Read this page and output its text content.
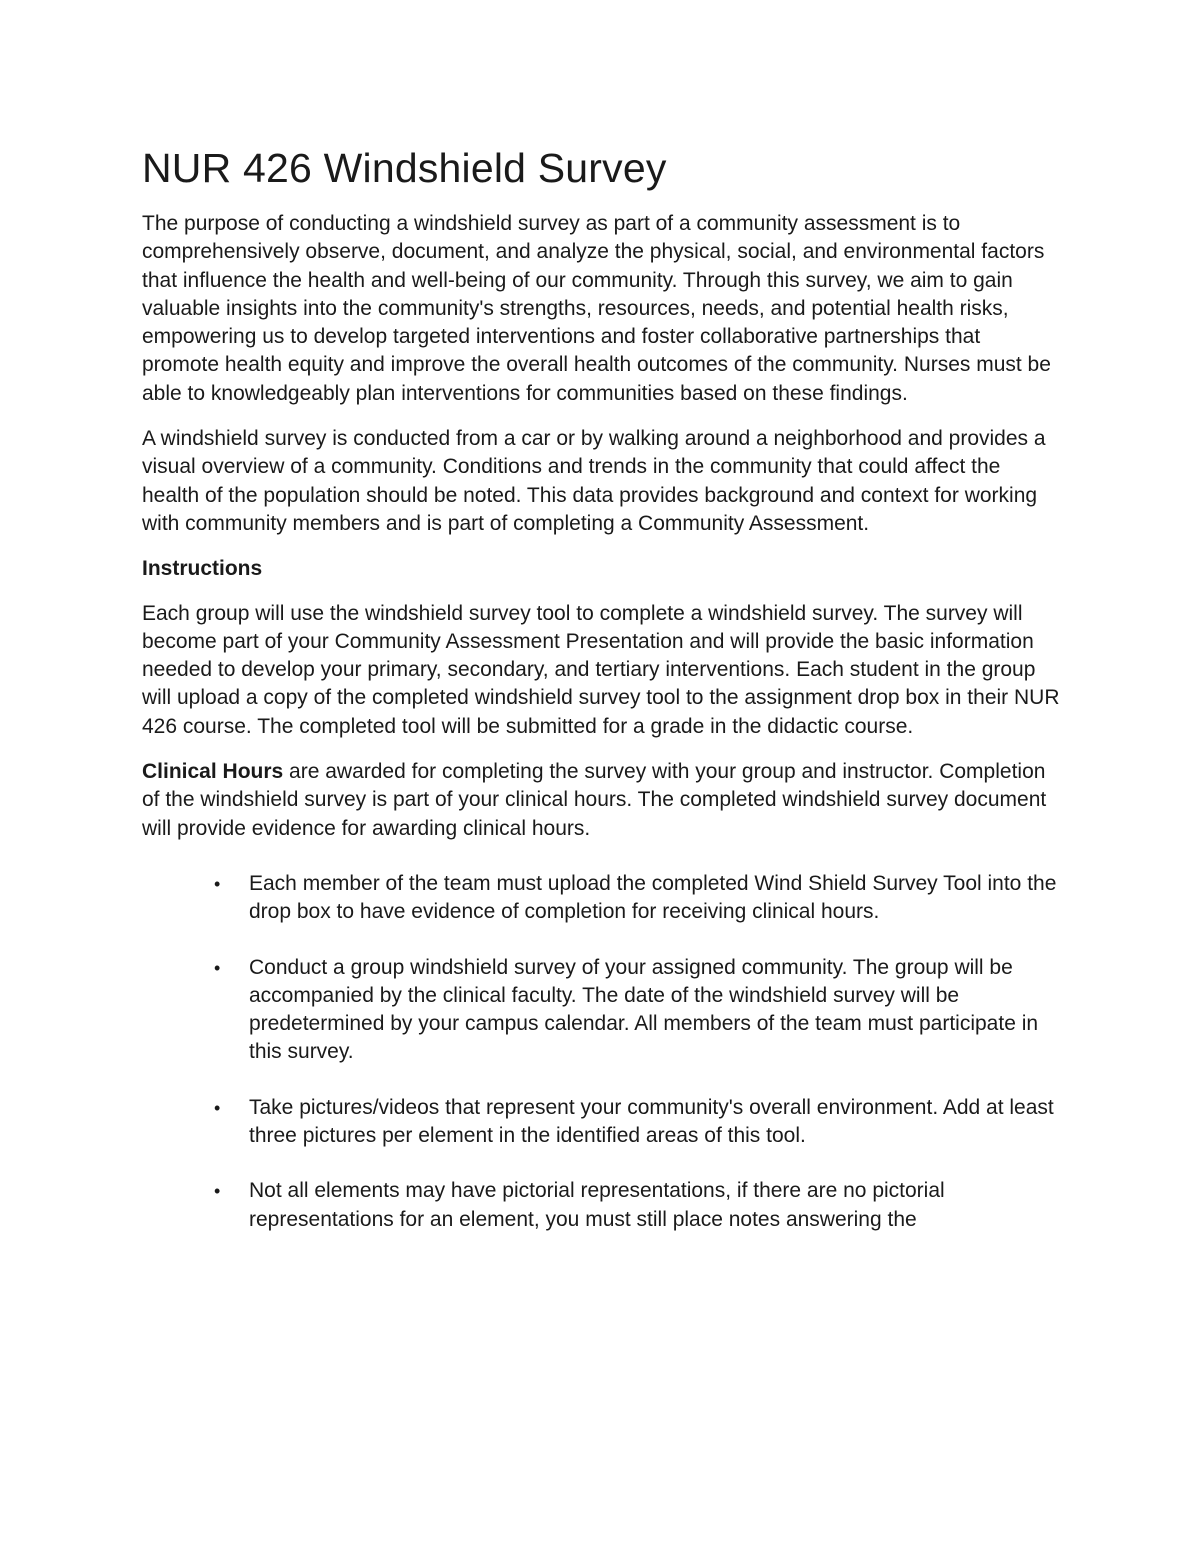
NUR 426 Windshield Survey

The purpose of conducting a windshield survey as part of a community assessment is to comprehensively observe, document, and analyze the physical, social, and environmental factors that influence the health and well-being of our community. Through this survey, we aim to gain valuable insights into the community's strengths, resources, needs, and potential health risks, empowering us to develop targeted interventions and foster collaborative partnerships that promote health equity and improve the overall health outcomes of the community. Nurses must be able to knowledgeably plan interventions for communities based on these findings.

A windshield survey is conducted from a car or by walking around a neighborhood and provides a visual overview of a community. Conditions and trends in the community that could affect the health of the population should be noted. This data provides background and context for working with community members and is part of completing a Community Assessment.

Instructions

Each group will use the windshield survey tool to complete a windshield survey. The survey will become part of your Community Assessment Presentation and will provide the basic information needed to develop your primary, secondary, and tertiary interventions. Each student in the group will upload a copy of the completed windshield survey tool to the assignment drop box in their NUR 426 course. The completed tool will be submitted for a grade in the didactic course.

Clinical Hours are awarded for completing the survey with your group and instructor. Completion of the windshield survey is part of your clinical hours. The completed windshield survey document will provide evidence for awarding clinical hours.

• Each member of the team must upload the completed Wind Shield Survey Tool into the drop box to have evidence of completion for receiving clinical hours.
• Conduct a group windshield survey of your assigned community. The group will be accompanied by the clinical faculty. The date of the windshield survey will be predetermined by your campus calendar. All members of the team must participate in this survey.
• Take pictures/videos that represent your community's overall environment. Add at least three pictures per element in the identified areas of this tool.
• Not all elements may have pictorial representations, if there are no pictorial representations for an element, you must still place notes answering the
